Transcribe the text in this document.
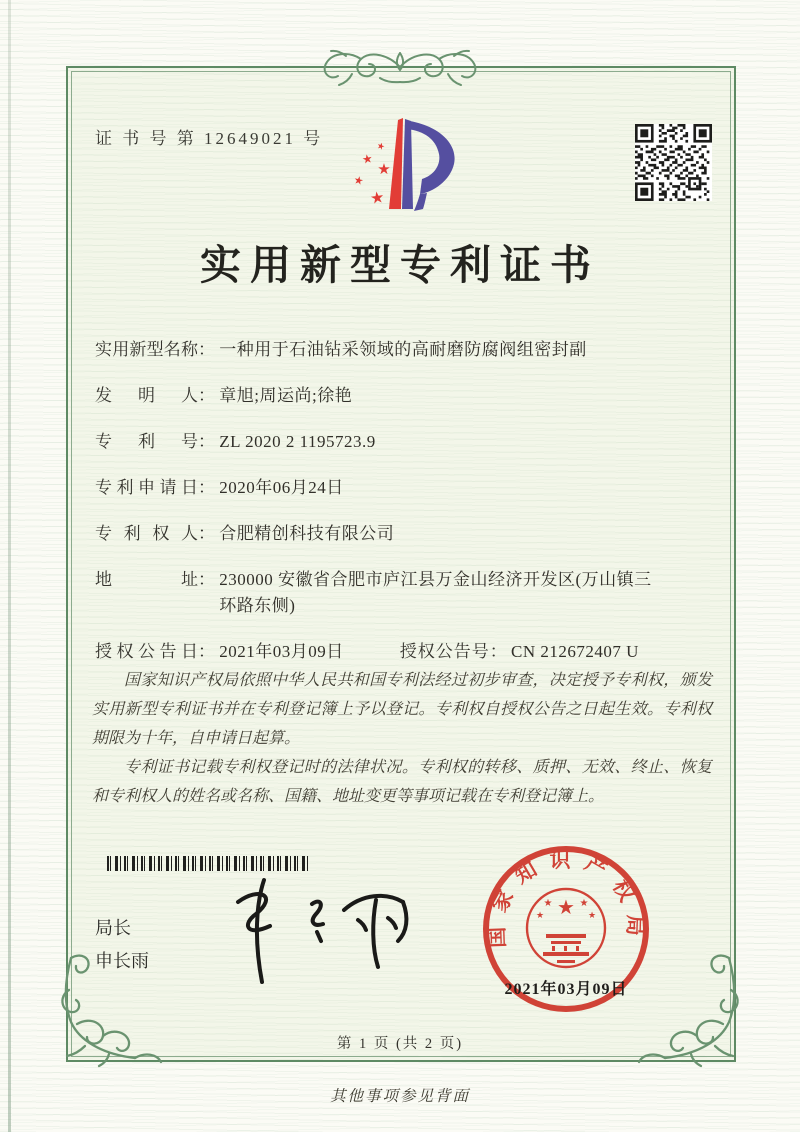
证 书 号 第 12649021 号	★
★
★
★
★
实用新型专利证书
实用新型名称： 一种用于石油钻采领域的高耐磨防腐阀组密封副
发明人： 章旭;周运尚;徐艳
专利号： ZL 2020 2 1195723.9
专利申请日： 2020年06月24日
专利权人： 合肥精创科技有限公司
地址： 230000 安徽省合肥市庐江县万金山经济开发区(万山镇三环路东侧)
授权公告日： 2021年03月09日	授权公告号： CN 212672407 U

国家知识产权局依照中华人民共和国专利法经过初步审查，决定授予专利权，颁发实用新型专利证书并在专利登记簿上予以登记。专利权自授权公告之日起生效。专利权期限为十年，自申请日起算。

专利证书记载专利权登记时的法律状况。专利权的转移、质押、无效、终止、恢复和专利权人的姓名或名称、国籍、地址变更等事项记载在专利登记簿上。

局长
申长雨
国家知识产权局
★
★	★
★	★
2021年03月09日
第 1 页 (共 2 页)
其他事项参见背面
